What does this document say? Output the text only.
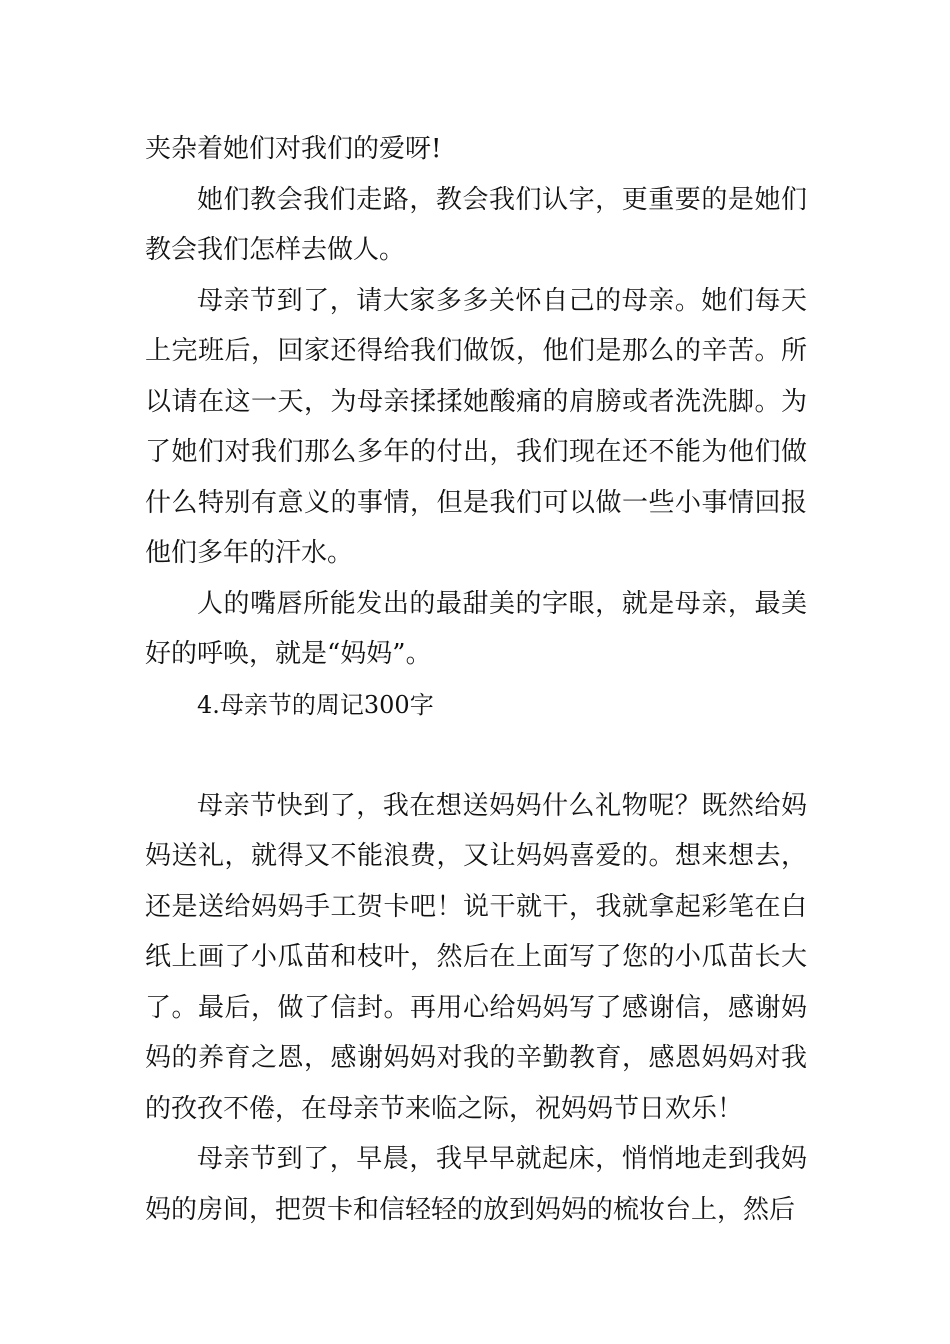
夹杂着她们对我们的爱呀!

她们教会我们走路，教会我们认字，更重要的是她们教会我们怎样去做人。

母亲节到了，请大家多多关怀自己的母亲。她们每天上完班后，回家还得给我们做饭，他们是那么的辛苦。所以请在这一天，为母亲揉揉她酸痛的肩膀或者洗洗脚。为了她们对我们那么多年的付出，我们现在还不能为他们做什么特别有意义的事情，但是我们可以做一些小事情回报他们多年的汗水。

人的嘴唇所能发出的最甜美的字眼，就是母亲，最美好的呼唤，就是“妈妈”。

4.母亲节的周记300字

母亲节快到了，我在想送妈妈什么礼物呢？既然给妈妈送礼，就得又不能浪费，又让妈妈喜爱的。想来想去，还是送给妈妈手工贺卡吧！说干就干，我就拿起彩笔在白纸上画了小瓜苗和枝叶，然后在上面写了您的小瓜苗长大了。最后，做了信封。再用心给妈妈写了感谢信，感谢妈妈的养育之恩，感谢妈妈对我的辛勤教育，感恩妈妈对我的孜孜不倦，在母亲节来临之际，祝妈妈节日欢乐！

母亲节到了，早晨，我早早就起床，悄悄地走到我妈妈的房间，把贺卡和信轻轻的放到妈妈的梳妆台上，然后
